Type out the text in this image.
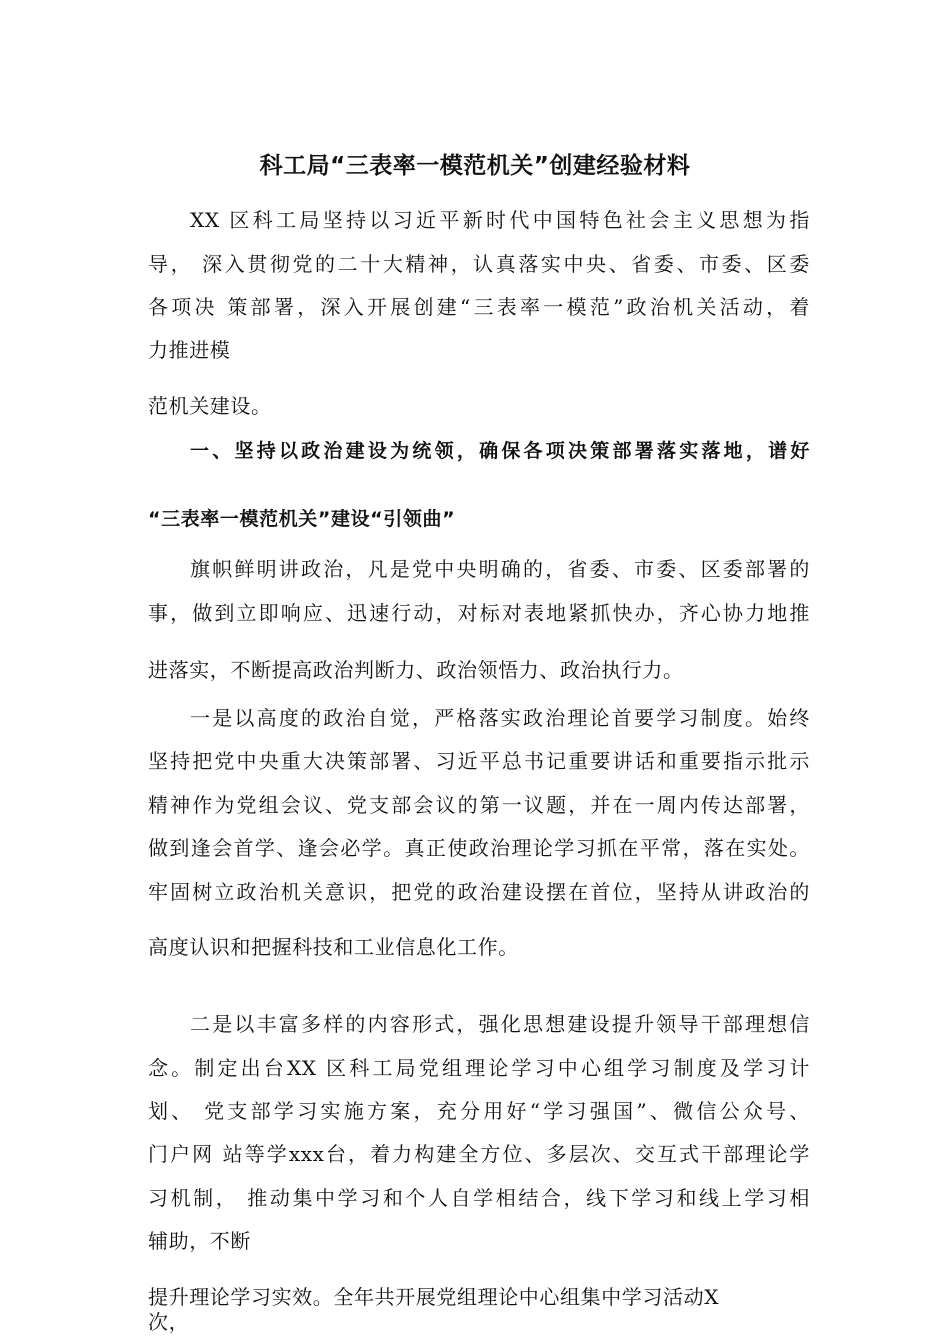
科工局“三表率一模范机关”创建经验材料
XX 区科工局坚持以习近平新时代中国特色社会主义思想为指
导， 深入贯彻党的二十大精神，认真落实中央、省委、市委、区委
各项决 策部署，深入开展创建“三表率一模范”政治机关活动，着
力推进模
范机关建设。
一、坚持以政治建设为统领，确保各项决策部署落实落地，谱好
“三表率一模范机关”建设“引领曲”
旗帜鲜明讲政治，凡是党中央明确的，省委、市委、区委部署的
事，做到立即响应、迅速行动，对标对表地紧抓快办，齐心协力地推
进落实，不断提高政治判断力、政治领悟力、政治执行力。
一是以高度的政治自觉，严格落实政治理论首要学习制度。始终
坚持把党中央重大决策部署、习近平总书记重要讲话和重要指示批示
精神作为党组会议、党支部会议的第一议题，并在一周内传达部署，
做到逢会首学、逢会必学。真正使政治理论学习抓在平常，落在实处。
牢固树立政治机关意识，把党的政治建设摆在首位，坚持从讲政治的
高度认识和把握科技和工业信息化工作。
二是以丰富多样的内容形式，强化思想建设提升领导干部理想信
念。制定出台XX 区科工局党组理论学习中心组学习制度及学习计
划、 党支部学习实施方案，充分用好“学习强国”、微信公众号、
门户网 站等学xxx台，着力构建全方位、多层次、交互式干部理论学
习机制， 推动集中学习和个人自学相结合，线下学习和线上学习相
辅助，不断
提升理论学习实效。全年共开展党组理论中心组集中学习活动X
次，
